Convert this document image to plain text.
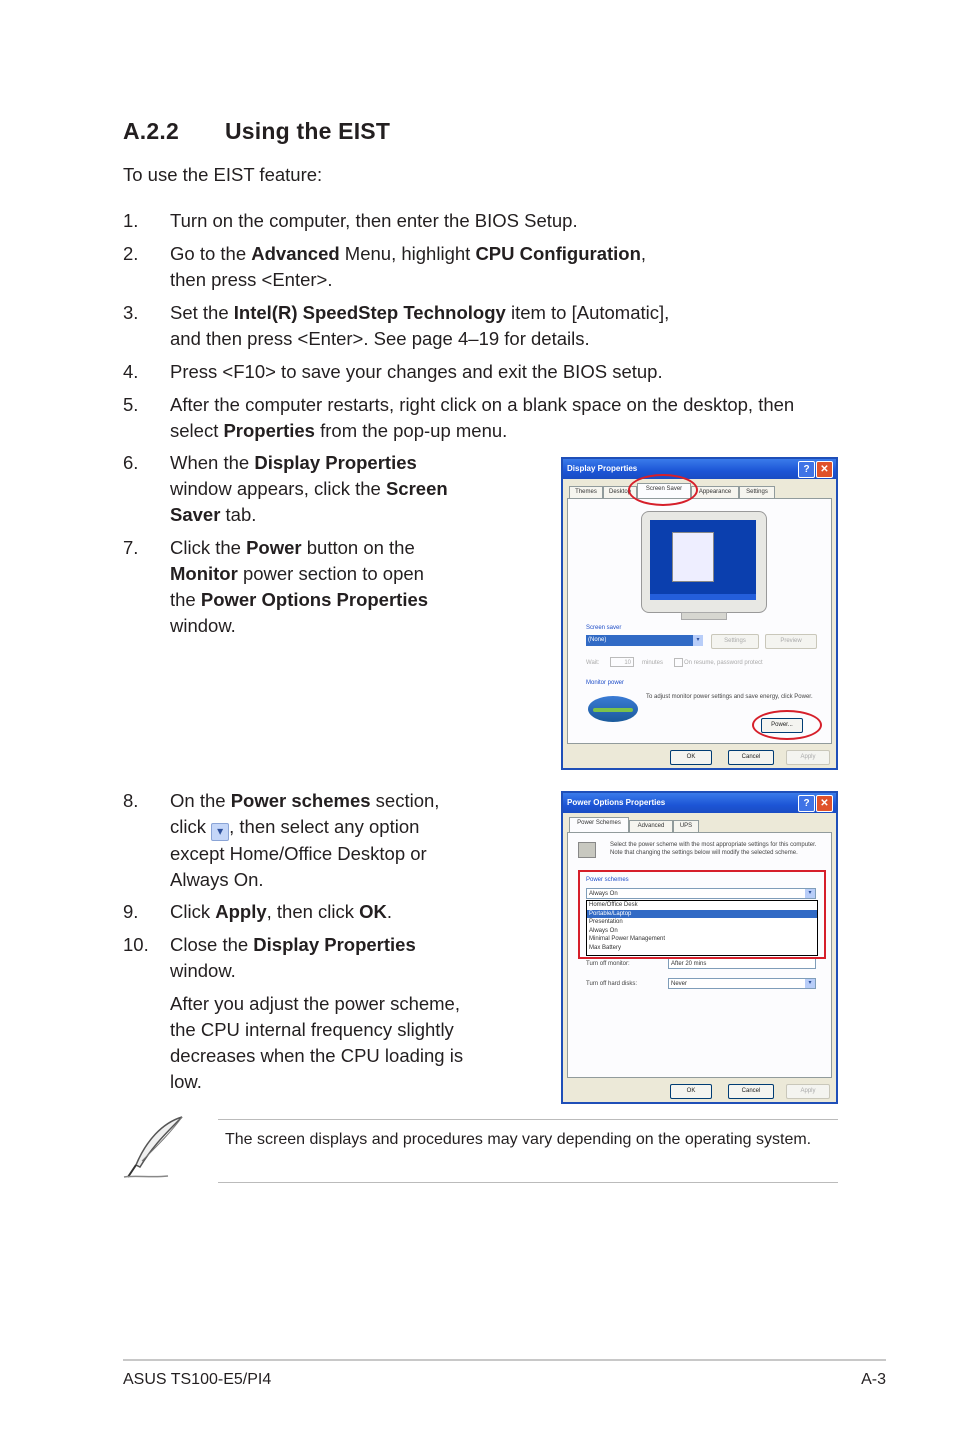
A.2.2 Using the EIST
To use the EIST feature:
1. Turn on the computer, then enter the BIOS Setup.
2. Go to the Advanced Menu, highlight CPU Configuration,
then press <Enter>.
3. Set the Intel(R) SpeedStep Technology item to [Automatic],
and then press <Enter>. See page 4–19 for details.
4. Press <F10> to save your changes and exit the BIOS setup.
5. After the computer restarts, right click on a blank space on the desktop, then
select Properties from the pop-up menu.
6. When the Display Properties
window appears, click the Screen
Saver tab.
7. Click the Power button on the
Monitor power section to open
the Power Options Properties
window.
Display Properties	?	✕
Themes	Desktop	Screen Saver	Appearance	Settings
Screen saver
(None)	▾	Settings	Preview
Wait:	10	minutes	On resume, password protect
Monitor power
To adjust monitor power settings and save energy, click Power.
Power...
OK	Cancel	Apply
8. On the Power schemes section,
click ▾ , then select any option
except Home/Office Desktop or
Always On.
9. Click Apply, then click OK.
10. Close the Display Properties
window.
After you adjust the power scheme,
the CPU internal frequency slightly
decreases when the CPU loading is
low.
Power Options Properties	?	✕
Power Schemes	Advanced	UPS
Select the power scheme with the most appropriate settings for this computer. Note that changing the settings below will modify the selected scheme.
Power schemes
Always On	▾
Home/Office Desk
Portable/Laptop
Presentation
Always On
Minimal Power Management
Max Battery
Turn off monitor:	After 20 mins
Turn off hard disks:	Never	▾
OK	Cancel	Apply
The screen displays and procedures may vary depending on the operating system.
ASUS TS100-E5/PI4	A-3
